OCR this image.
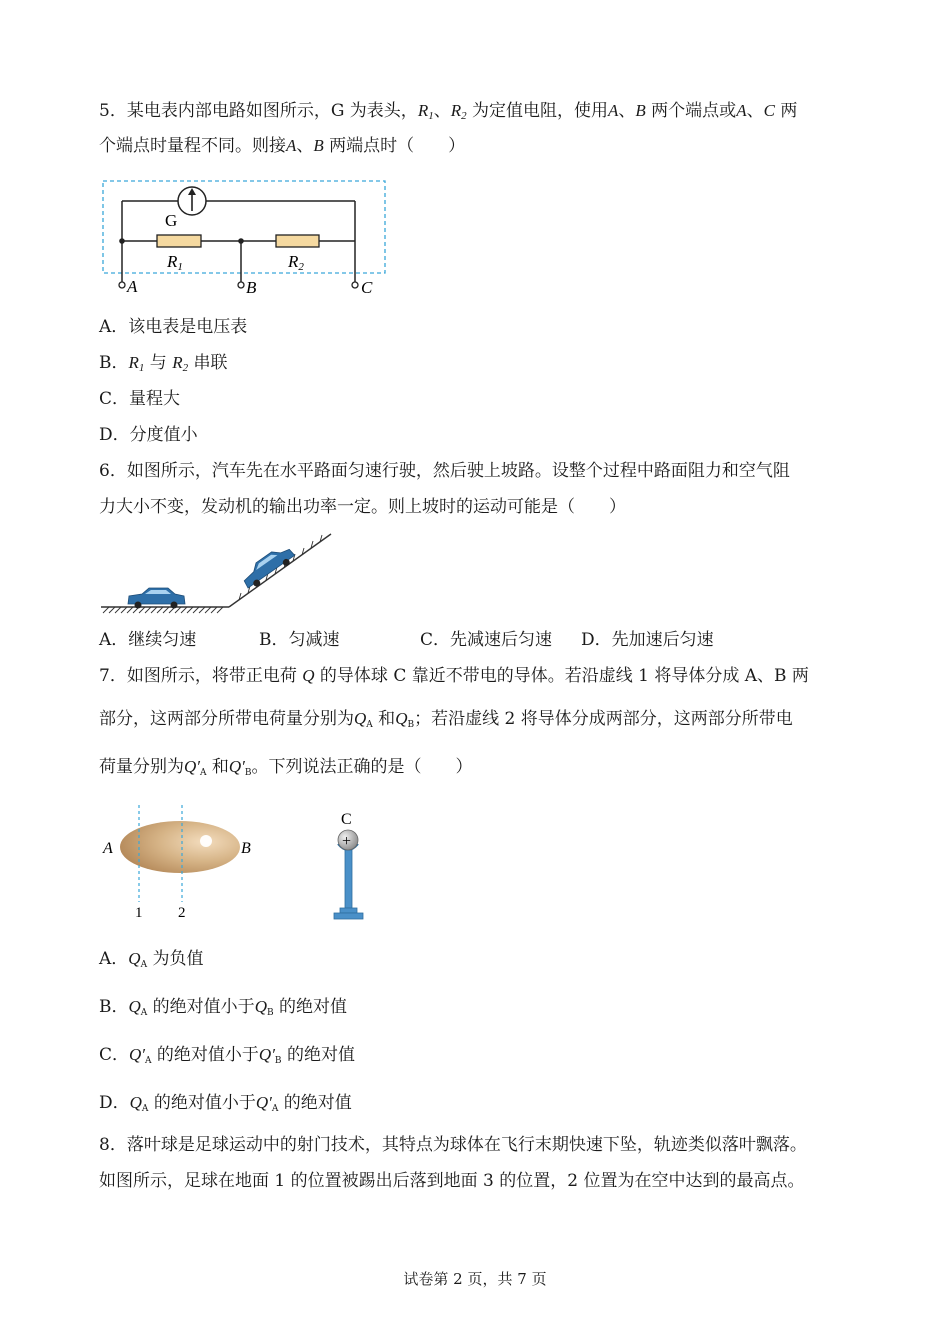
5．某电表内部电路如图所示，G 为表头，$R_1$、$R_2$ 为定值电阻，使用A、B 两个端点或A、C 两
个端点时量程不同。则接A、B 两端点时（　　）
G
R1	R2
A	B	C
A．该电表是电压表
B．$R_1$ 与 $R_2$ 串联
C．量程大
D．分度值小
6．如图所示，汽车先在水平路面匀速行驶，然后驶上坡路。设整个过程中路面阻力和空气阻
力大小不变，发动机的输出功率一定。则上坡时的运动可能是（　　）
A．继续匀速	B．匀减速	C．先减速后匀速 D．先加速后匀速
7．如图所示，将带正电荷 Q 的导体球 C 靠近不带电的导体。若沿虚线 1 将导体分成 A、B 两
部分，这两部分所带电荷量分别为QA 和QB；若沿虚线 2 将导体分成两部分，这两部分所带电
荷量分别为Q′A 和Q′B。下列说法正确的是（　　）
A	B
1 2
C
+
A．QA 为负值
B．QA 的绝对值小于QB 的绝对值
C．Q′A 的绝对值小于Q′B 的绝对值
D．QA 的绝对值小于Q′A 的绝对值
8．落叶球是足球运动中的射门技术，其特点为球体在飞行末期快速下坠，轨迹类似落叶飘落。
如图所示，足球在地面 1 的位置被踢出后落到地面 3 的位置，2 位置为在空中达到的最高点。
试卷第 2 页，共 7 页
